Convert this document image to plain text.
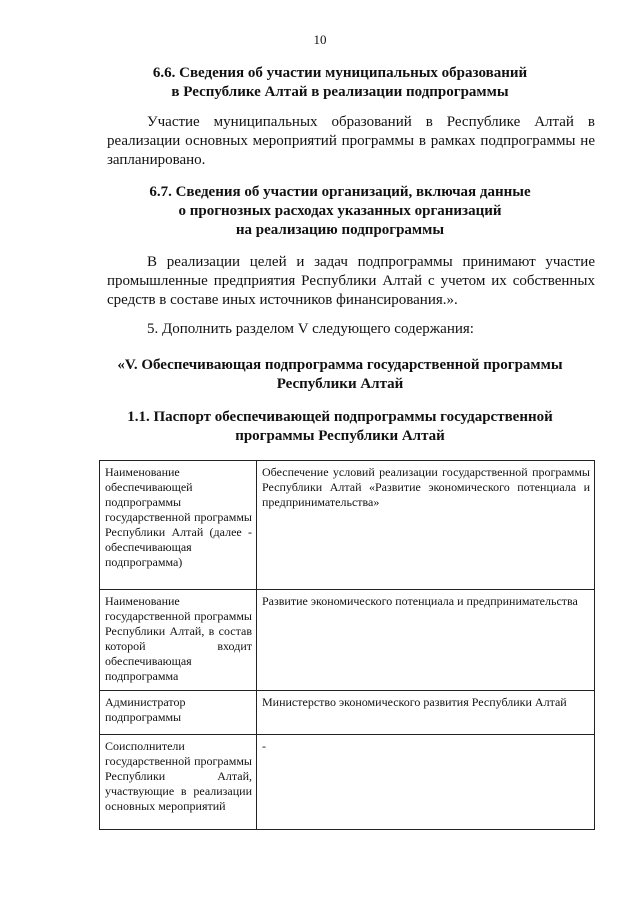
10
6.6. Сведения об участии муниципальных образований
в Республике Алтай в реализации подпрограммы

Участие муниципальных образований в Республике Алтай в реализации основных мероприятий программы в рамках подпрограммы не запланировано.

6.7. Сведения об участии организаций, включая данные
о прогнозных расходах указанных организаций
на реализацию подпрограммы

В реализации целей и задач подпрограммы принимают участие промышленные предприятия Республики Алтай с учетом их собственных средств в составе иных источников финансирования.».

5. Дополнить разделом V следующего содержания:

«V. Обеспечивающая подпрограмма государственной программы
Республики Алтай
1.1. Паспорт обеспечивающей подпрограммы государственной
программы Республики Алтай
Наименование обеспечивающей подпрограммы государственной программы Республики Алтай (далее - обеспечивающая подпрограмма)	Обеспечение условий реализации государственной программы Республики Алтай «Развитие экономического потенциала и предпринимательства»
Наименование государственной программы Республики Алтай, в состав которой входит обеспечивающая подпрограмма	Развитие экономического потенциала и предпринимательства
Администратор подпрограммы	Министерство экономического развития Республики Алтай
Соисполнители государственной программы Республики Алтай, участвующие в реализации основных мероприятий	-
